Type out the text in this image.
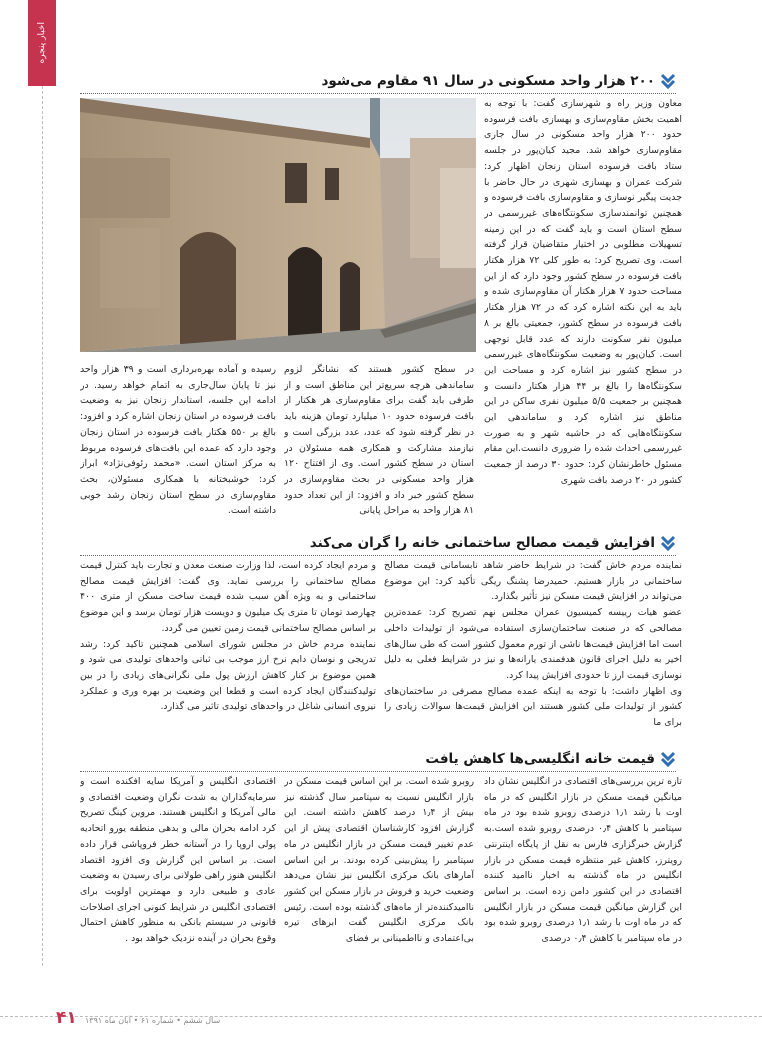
اخبار پنجره
۲۰۰ هزار واحد مسکونی در سال ۹۱ مقاوم می‌شود

معاون وزیر راه و شهرسازی گفت: با توجه به اهمیت بخش مقاوم‌سازی و بهسازی بافت فرسوده حدود ۲۰۰ هزار واحد مسکونی در سال جاری مقاوم‌سازی خواهد شد. مجید کیان‌پور در جلسه ستاد بافت فرسوده استان زنجان اظهار کرد: شرکت عمران و بهسازی شهری در حال حاضر با جدیت پیگیر نوسازی و مقاوم‌سازی بافت فرسوده و همچنین توانمندسازی سکونتگاه‌های غیررسمی در سطح استان است و باید گفت که در این زمینه تسهیلات مطلوبی در اختیار متقاضیان قرار گرفته است. وی تصریح کرد: به طور کلی ۷۲ هزار هکتار بافت فرسوده در سطح کشور وجود دارد که از این مساحت حدود ۷ هزار هکتار آن مقاوم‌سازی شده و باید به این نکته اشاره کرد که در ۷۲ هزار هکتار بافت فرسوده در سطح کشور، جمعیتی بالغ بر ۸ میلیون نفر سکونت دارند که عدد قابل توجهی است. کیان‌پور به وضعیت سکونتگاه‌های غیررسمی در سطح کشور نیز اشاره کرد و مساحت این سکونتگاه‌ها را بالغ بر ۴۴ هزار هکتار دانست و همچنین بر جمعیت ۵/۵ میلیون نفری ساکن در این مناطق نیز اشاره کرد و ساماندهی این سکونتگاه‌هایی که در حاشیه شهر و به صورت غیررسمی احداث شده را ضروری دانست.این مقام مسئول خاطرنشان کرد: حدود ۳۰ درصد از جمعیت کشور در ۲۰ درصد بافت شهری

در سطح کشور هستند که نشانگر لزوم ساماندهی هرچه سریع‌تر این مناطق است و از طرفی باید گفت برای مقاوم‌سازی هر هکتار از بافت فرسوده حدود ۱۰ میلیارد تومان هزینه باید در نظر گرفته شود که عدد، عدد بزرگی است و نیازمند مشارکت و همکاری همه مسئولان در استان در سطح کشور است. وی از افتتاح ۱۲۰ هزار واحد مسکونی در بحث مقاوم‌سازی در سطح کشور خبر داد و افزود: از این تعداد حدود ۸۱ هزار واحد به مراحل پایانی

رسیده و آماده بهره‌برداری است و ۳۹ هزار واحد نیز تا پایان سال‌جاری به اتمام خواهد رسید. در ادامه این جلسه، استاندار زنجان نیز به وضعیت بافت فرسوده در استان زنجان اشاره کرد و افزود: بالغ بر ۵۵۰ هکتار بافت فرسوده در استان زنجان وجود دارد که عمده این بافت‌های فرسوده مربوط به مرکز استان است. «محمد رئوفی‌نژاد» ابراز کرد: خوشبختانه با همکاری مسئولان، بحث مقاوم‌سازی در سطح استان زنجان رشد خوبی داشته است.

افزایش قیمت مصالح ساختمانی خانه را گران می‌کند

نماینده مردم خاش گفت: در شرایط حاضر شاهد نابسامانی قیمت مصالح ساختمانی در بازار هستیم. حمیدرضا پشنگ ریگی تأکید کرد: این موضوع می‌تواند در افزایش قیمت مسکن نیز تأثیر بگذارد.

عضو هیات رییسه کمیسیون عمران مجلس نهم تصریح کرد: عمده‌ترین مصالحی که در صنعت ساختمان‌سازی استفاده می‌شود از تولیدات داخلی است اما افزایش قیمت‌ها ناشی از تورم معمول کشور است که طی سال‌های اخیر به دلیل اجرای قانون هدفمندی یارانه‌ها و نیز در شرایط فعلی به دلیل نوسازی قیمت ارز تا حدودی افزایش پیدا کرد.

وی اظهار داشت: با توجه به اینکه عمده مصالح مصرفی در ساختمان‌های کشور از تولیدات ملی کشور هستند این افزایش قیمت‌ها سوالات زیادی را برای ما

و مردم ایجاد کرده است، لذا وزارت صنعت معدن و تجارت باید کنترل قیمت مصالح ساختمانی را بررسی نماید. وی گفت: افزایش قیمت مصالح ساختمانی و به ویژه آهن سبب شده قیمت ساخت مسکن از متری ۴۰۰ چهارصد تومان تا متری یک میلیون و دویست هزار تومان برسد و این موضوع بر اساس مصالح ساختمانی قیمت زمین تعیین می گردد.

نماینده مردم خاش در مجلس شورای اسلامی همچنین تاکید کرد: رشد تدریجی و نوسان دایم نرخ ارز موجب بی ثباتی واحدهای تولیدی می شود و همین موضوع بر کنار کاهش ارزش پول ملی نگرانی‌های زیادی را در بین تولیدکنندگان ایجاد کرده است و قطعا این وضعیت بر بهره وری و عملکرد نیروی انسانی شاغل در واحدهای تولیدی تاثیر می گذارد.

قیمت خانه انگلیسی‌ها کاهش یافت

تازه ترین بررسی‌های اقتصادی در انگلیس نشان داد میانگین قیمت مسکن در بازار انگلیس که در ماه اوت با رشد ۱٫۱ درصدی روبرو شده بود در ماه سپتامبر با کاهش ۰٫۴ درصدی روبرو شده است.به گزارش خبرگزاری فارس به نقل از پایگاه اینترنتی رویترز، کاهش غیر منتظره قیمت مسکن در بازار انگلیس در ماه گذشته به اخبار ناامید کننده اقتصادی در این کشور دامن زده است. بر اساس این گزارش میانگین قیمت مسکن در بازار انگلیس که در ماه اوت با رشد ۱٫۱ درصدی روبرو شده بود در ماه سپتامبر با کاهش ۰٫۴ درصدی

روبرو شده است. بر این اساس قیمت مسکن در بازار انگلیس نسبت به سپتامبر سال گذشته نیز بیش از ۱٫۴ درصد کاهش داشته است. این گزارش افزود کارشناسان اقتصادی پیش از این عدم تغییر قیمت مسکن در بازار انگلیس در ماه سپتامبر را پیش‌بینی کرده بودند. بر این اساس آمارهای بانک مرکزی انگلیس نیز نشان می‌دهد وضعیت خرید و فروش در بازار مسکن این کشور ناامیدکننده‌تر از ماه‌های گذشته بوده است. رئیس بانک مرکزی انگلیس گفت ابرهای تیره بی‌اعتمادی و نااطمینانی بر فضای

اقتصادی انگلیس و آمریکا سایه افکنده است و سرمایه‌گذاران به شدت نگران وضعیت اقتصادی و مالی آمریکا و انگلیس هستند. مروین کینگ تصریح کرد ادامه بحران مالی و بدهی منطقه یورو اتحادیه پولی اروپا را در آستانه خطر فروپاشی قرار داده است. بر اساس این گزارش وی افزود اقتصاد انگلیس هنوز راهی طولانی برای رسیدن به وضعیت عادی و طبیعی دارد و مهمترین اولویت برای اقتصادی انگلیس در شرایط کنونی اجرای اصلاحات قانونی در سیستم بانکی به منظور کاهش احتمال وقوع بحران در آینده نزدیک خواهد بود .

۴۱ سال ششم • شماره ۶۱ • آبان ماه ۱۳۹۱
